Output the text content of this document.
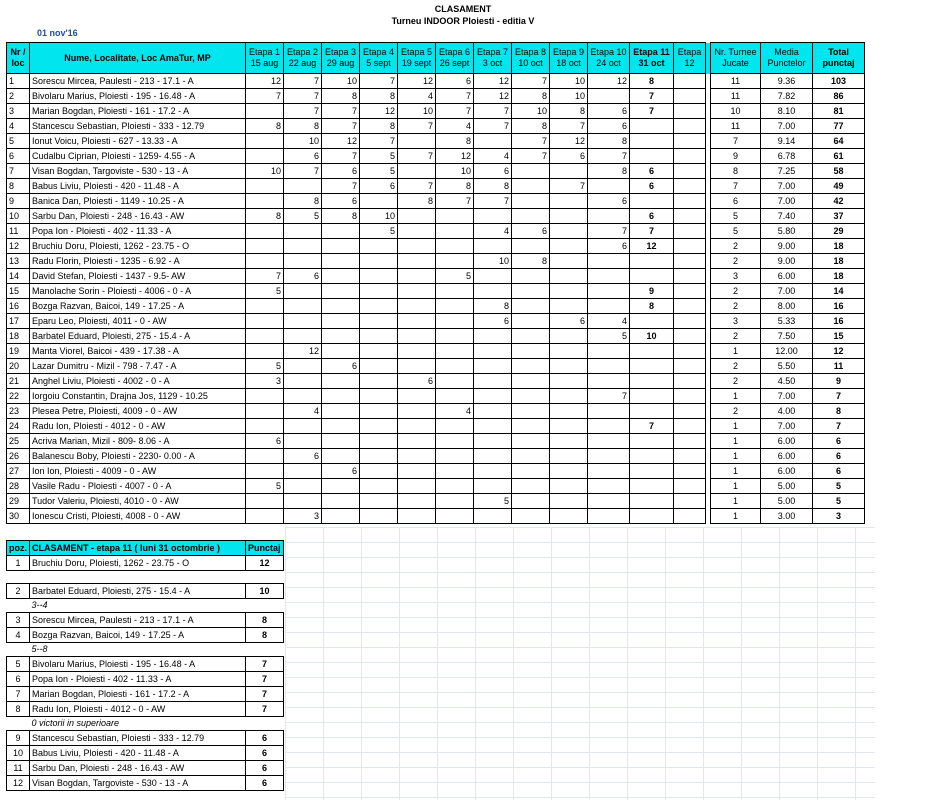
CLASAMENT
Turneu INDOOR Ploiesti - editia V
01 nov'16
Nr / loc	Nume, Localitate, Loc AmaTur, MP	Etapa 1 15 aug	Etapa 2 22 aug	Etapa 3 29 aug	Etapa 4 5 sept	Etapa 5 19 sept	Etapa 6 26 sept	Etapa 7 3 oct	Etapa 8 10 oct	Etapa 9 18 oct	Etapa 10 24 oct	Etapa 11 31 oct	Etapa 12		Nr. Turnee Jucate	Media Punctelor	Total punctaj
1	Sorescu Mircea, Paulesti - 213 - 17.1 - A	12	7	10	7	12	6	12	7	10	12	8			11	9.36	103
2	Bivolaru Marius, Ploiesti - 195 - 16.48 - A	7	7	8	8	4	7	12	8	10		7			11	7.82	86
3	Marian Bogdan, Ploiesti - 161 - 17.2 - A		7	7	12	10	7	7	10	8	6	7			10	8.10	81
4	Stancescu Sebastian, Ploiesti - 333 - 12.79	8	8	7	8	7	4	7	8	7	6				11	7.00	77
5	Ionut Voicu, Ploiesti - 627 - 13.33 - A		10	12	7		8		7	12	8				7	9.14	64
6	Cudalbu Ciprian, Ploiesti - 1259- 4.55 - A		6	7	5	7	12	4	7	6	7				9	6.78	61
7	Visan Bogdan, Targoviste - 530 - 13 - A	10	7	6	5		10	6			8	6			8	7.25	58
8	Babus Liviu, Ploiesti - 420 - 11.48 - A			7	6	7	8	8		7		6			7	7.00	49
9	Banica Dan, Ploiesti - 1149 - 10.25 - A		8	6		8	7	7			6				6	7.00	42
10	Sarbu Dan, Ploiesti - 248 - 16.43 - AW	8	5	8	10							6			5	7.40	37
11	Popa Ion - Ploiesti - 402 - 11.33 - A				5			4	6		7	7			5	5.80	29
12	Bruchiu Doru, Ploiesti, 1262 - 23.75 - O										6	12			2	9.00	18
13	Radu Florin, Ploiesti - 1235 - 6.92 - A							10	8						2	9.00	18
14	David Stefan, Ploiesti - 1437 - 9.5- AW	7	6				5								3	6.00	18
15	Manolache Sorin - Ploiesti - 4006 - 0 - A	5										9			2	7.00	14
16	Bozga Razvan, Baicoi, 149 - 17.25 - A							8				8			2	8.00	16
17	Eparu Leo, Ploiesti, 4011 - 0 - AW							6		6	4				3	5.33	16
18	Barbatel Eduard, Ploiesti, 275 - 15.4 - A										5	10			2	7.50	15
19	Manta Viorel, Baicoi - 439 - 17.38 - A		12												1	12.00	12
20	Lazar Dumitru - Mizil - 798 - 7.47 - A	5		6											2	5.50	11
21	Anghel Liviu, Ploiesti - 4002 - 0 - A	3				6									2	4.50	9
22	Iorgoiu Constantin, Drajna Jos, 1129 - 10.25										7				1	7.00	7
23	Plesea Petre, Ploiesti, 4009 - 0 - AW		4				4								2	4.00	8
24	Radu Ion, Ploiesti - 4012 - 0 - AW											7			1	7.00	7
25	Acriva Marian, Mizil - 809- 8.06 - A	6													1	6.00	6
26	Balanescu Boby, Ploiesti - 2230- 0.00 - A		6												1	6.00	6
27	Ion Ion, Ploiesti - 4009 - 0 - AW			6											1	6.00	6
28	Vasile Radu - Ploiesti - 4007 - 0 - A	5													1	5.00	5
29	Tudor Valeriu, Ploiesti, 4010 - 0 - AW							5							1	5.00	5
30	Ionescu Cristi, Ploiesti, 4008 - 0 - AW		3												1	3.00	3
poz.	CLASAMENT - etapa 11 ( luni 31 octombrie )	Punctaj
1	Bruchiu Doru, Ploiesti, 1262 - 23.75 - O	12

2	Barbatel Eduard, Ploiesti, 275 - 15.4 - A	10
	3--4	
3	Sorescu Mircea, Paulesti - 213 - 17.1 - A	8
4	Bozga Razvan, Baicoi, 149 - 17.25 - A	8
	5--8	
5	Bivolaru Marius, Ploiesti - 195 - 16.48 - A	7
6	Popa Ion - Ploiesti - 402 - 11.33 - A	7
7	Marian Bogdan, Ploiesti - 161 - 17.2 - A	7
8	Radu Ion, Ploiesti - 4012 - 0 - AW	7
	0 victorii in superioare	
9	Stancescu Sebastian, Ploiesti - 333 - 12.79	6
10	Babus Liviu, Ploiesti - 420 - 11.48 - A	6
11	Sarbu Dan, Ploiesti - 248 - 16.43 - AW	6
12	Visan Bogdan, Targoviste - 530 - 13 - A	6
